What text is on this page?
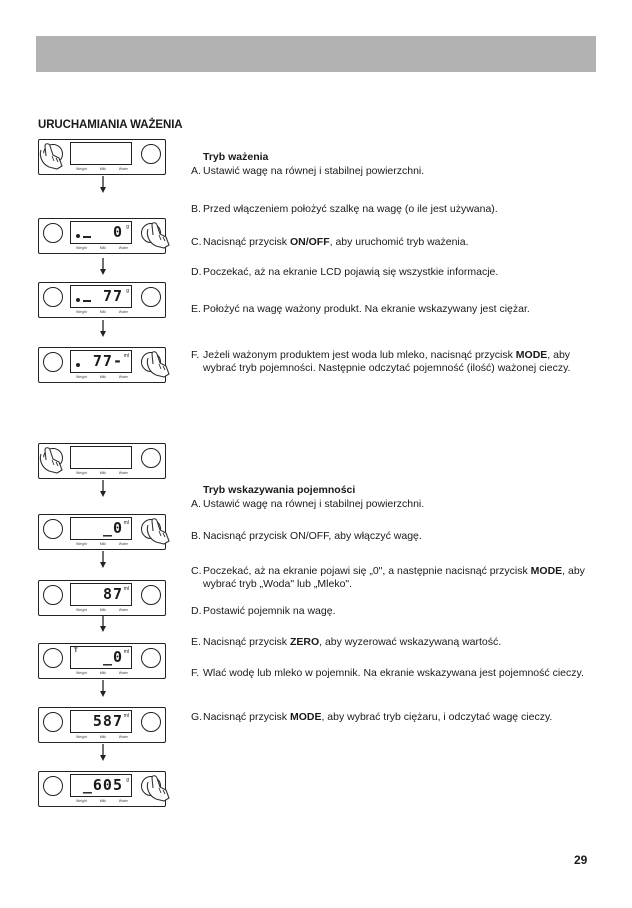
URUCHAMIANIA WAŻENIA
Weight	Milk	Water
0 g
Weight	Milk	Water
77 g
Weight	Milk	Water
77- ml
Weight	Milk	Water
Weight	Milk	Water
_0 ml
Weight	Milk	Water
87 ml
Weight	Milk	Water
T _0 ml
Weight	Milk	Water
587 ml
Weight	Milk	Water
_605 g
Weight	Milk	Water
Tryb ważenia
A. Ustawić wagę na równej i stabilnej powierzchni.
B. Przed włączeniem położyć szalkę na wagę (o ile jest używana).
C. Nacisnąć przycisk ON/OFF, aby uruchomić tryb ważenia.
D. Poczekać, aż na ekranie LCD pojawią się wszystkie informacje.
E. Położyć na wagę ważony produkt. Na ekranie wskazywany jest ciężar.
F. Jeżeli ważonym produktem jest woda lub mleko, nacisnąć przycisk MODE, aby wybrać tryb pojemności. Następnie odczytać pojemność (ilość) ważonej cieczy.
Tryb wskazywania pojemności
A. Ustawić wagę na równej i stabilnej powierzchni.
B. Nacisnąć przycisk ON/OFF, aby włączyć wagę.
C. Poczekać, aż na ekranie pojawi się „0", a następnie nacisnąć przycisk MODE, aby wybrać tryb „Woda" lub „Mleko".
D. Postawić pojemnik na wagę.
E. Nacisnąć przycisk ZERO, aby wyzerować wskazywaną wartość.
F. Wlać wodę lub mleko w pojemnik. Na ekranie wskazywana jest pojemność cieczy.
G. Nacisnąć przycisk MODE, aby wybrać tryb ciężaru, i odczytać wagę cieczy.
29
